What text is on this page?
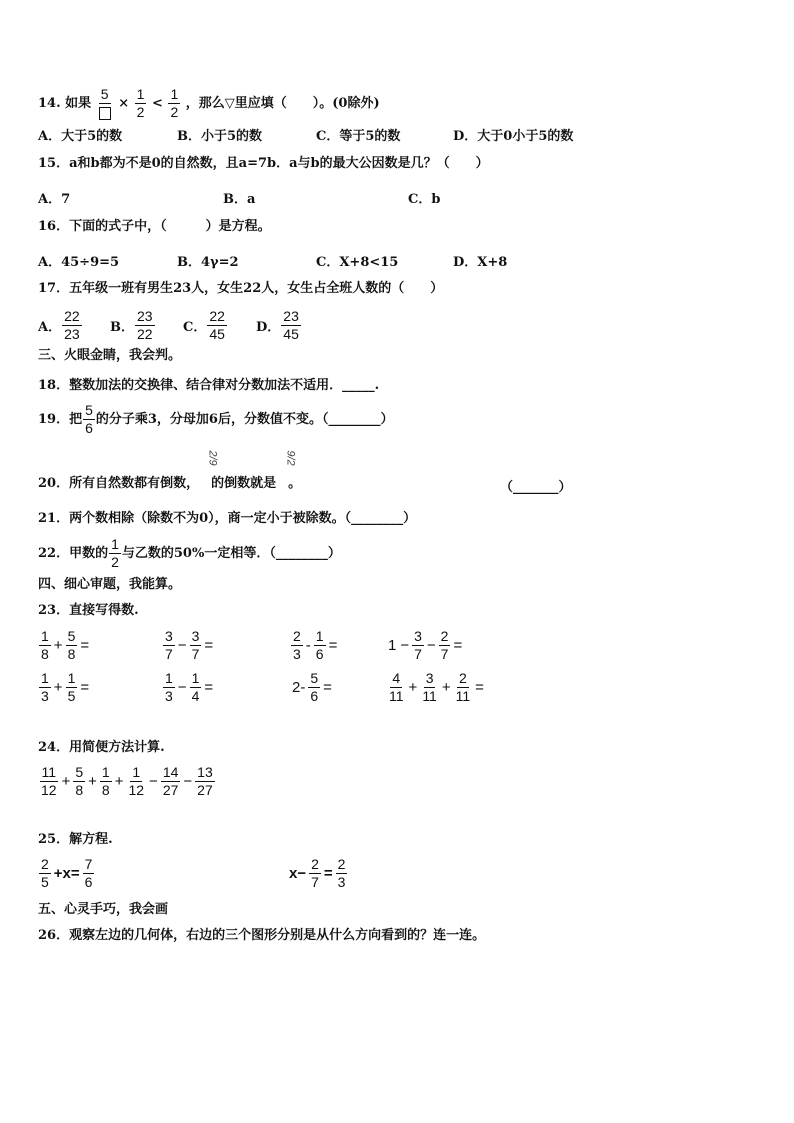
14. 如果
5
× $\frac{1}{2} < \frac{1}{2}$ ，那么▽里应填（　　）。(0除外)
A．大于5的数	B．小于5的数	C．等于5的数	D．大于0小于5的数
15．a和b都为不是0的自然数，且a=7b．a与b的最大公因数是几？（　　）
A．7	B．a	C．b
16．下面的式子中，（　　　）是方程。
A．45÷9=5	B．4γ=2	C．X+8<15	D．X+8
17．五年级一班有男生23人，女生22人，女生占全班人数的（　　）
A． $\frac{22}{23}$ B． $\frac{23}{22}$ C． $\frac{22}{45}$ D． $\frac{23}{45}$
三、火眼金睛，我会判。
18．整数加法的交换律、结合律对分数加法不适用．_____.
19．把 $\frac{5}{6}$ 的分子乘3，分母加6后，分数值不变。（________）
20．所有自然数都有倒数， 的倒数就是 。
2/9	9/2
（_______）
21．两个数相除（除数不为0），商一定小于被除数。（________）
22．甲数的 $\frac{1}{2}$ 与乙数的50%一定相等．（________）
四、细心审题，我能算。
23．直接写得数.
$\frac{1}{8} + \frac{5}{8}$ =	$\frac{3}{7} - \frac{3}{7}$ =	$\frac{2}{3} - \frac{1}{6}$ =	$1 - \frac{3}{7} - \frac{2}{7}$ =
$\frac{1}{3} + \frac{1}{5}$ =	$\frac{1}{3} - \frac{1}{4}$ =	$2- \frac{5}{6}$ =	$\frac{4}{11} + \frac{3}{11} + \frac{2}{11}$ =
24．用简便方法计算.
$\frac{11}{12} + \frac{5}{8} + \frac{1}{8} + \frac{1}{12} - \frac{14}{27} - \frac{13}{27}$
25．解方程.
$\frac{2}{5} +x= \frac{7}{6}$	$x- \frac{2}{7} = \frac{2}{3}$
五、心灵手巧，我会画
26．观察左边的几何体，右边的三个图形分别是从什么方向看到的？连一连。
